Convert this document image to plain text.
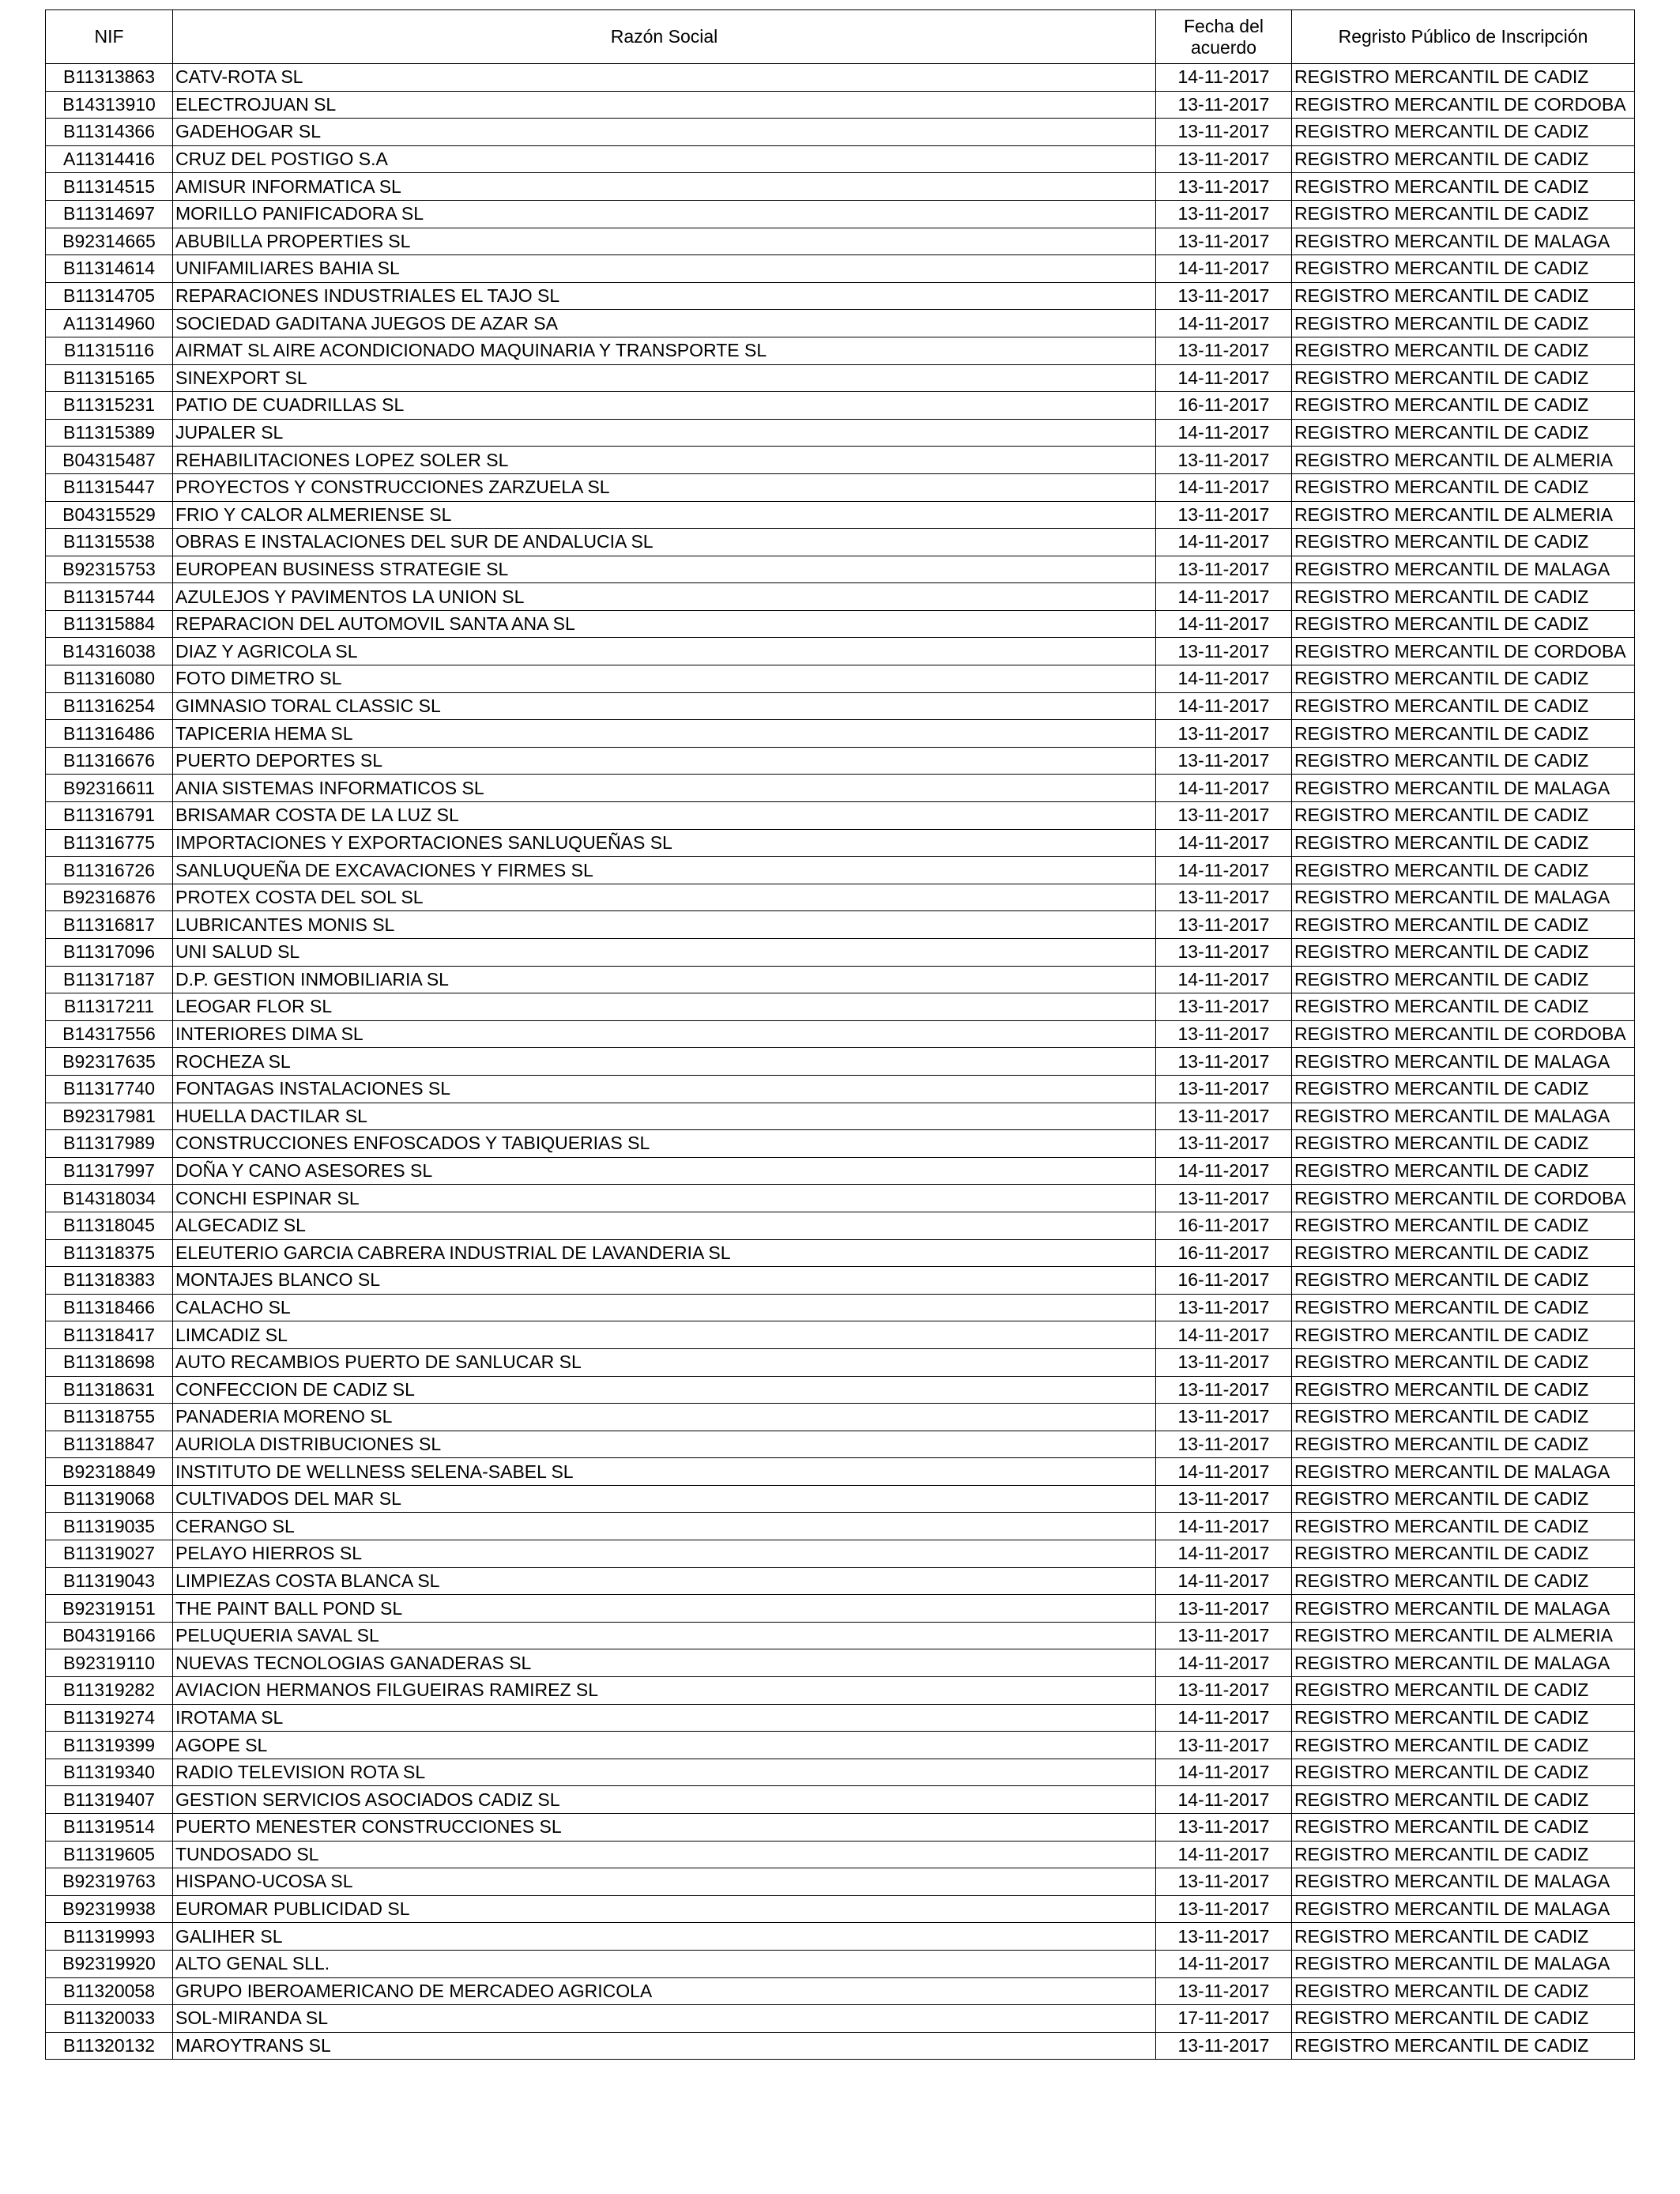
NIF	Razón Social	Fecha del acuerdo	Regristo Público de Inscripción
B11313863	CATV-ROTA SL	14-11-2017	REGISTRO MERCANTIL DE CADIZ
B14313910	ELECTROJUAN SL	13-11-2017	REGISTRO MERCANTIL DE CORDOBA
B11314366	GADEHOGAR SL	13-11-2017	REGISTRO MERCANTIL DE CADIZ
A11314416	CRUZ DEL POSTIGO S.A	13-11-2017	REGISTRO MERCANTIL DE CADIZ
B11314515	AMISUR INFORMATICA SL	13-11-2017	REGISTRO MERCANTIL DE CADIZ
B11314697	MORILLO PANIFICADORA SL	13-11-2017	REGISTRO MERCANTIL DE CADIZ
B92314665	ABUBILLA PROPERTIES SL	13-11-2017	REGISTRO MERCANTIL DE MALAGA
B11314614	UNIFAMILIARES BAHIA SL	14-11-2017	REGISTRO MERCANTIL DE CADIZ
B11314705	REPARACIONES INDUSTRIALES EL TAJO SL	13-11-2017	REGISTRO MERCANTIL DE CADIZ
A11314960	SOCIEDAD GADITANA JUEGOS DE AZAR SA	14-11-2017	REGISTRO MERCANTIL DE CADIZ
B11315116	AIRMAT SL AIRE ACONDICIONADO MAQUINARIA Y TRANSPORTE SL	13-11-2017	REGISTRO MERCANTIL DE CADIZ
B11315165	SINEXPORT SL	14-11-2017	REGISTRO MERCANTIL DE CADIZ
B11315231	PATIO DE CUADRILLAS SL	16-11-2017	REGISTRO MERCANTIL DE CADIZ
B11315389	JUPALER SL	14-11-2017	REGISTRO MERCANTIL DE CADIZ
B04315487	REHABILITACIONES LOPEZ SOLER SL	13-11-2017	REGISTRO MERCANTIL DE ALMERIA
B11315447	PROYECTOS Y CONSTRUCCIONES ZARZUELA SL	14-11-2017	REGISTRO MERCANTIL DE CADIZ
B04315529	FRIO Y CALOR ALMERIENSE SL	13-11-2017	REGISTRO MERCANTIL DE ALMERIA
B11315538	OBRAS E INSTALACIONES DEL SUR DE ANDALUCIA SL	14-11-2017	REGISTRO MERCANTIL DE CADIZ
B92315753	EUROPEAN BUSINESS STRATEGIE SL	13-11-2017	REGISTRO MERCANTIL DE MALAGA
B11315744	AZULEJOS Y PAVIMENTOS LA UNION SL	14-11-2017	REGISTRO MERCANTIL DE CADIZ
B11315884	REPARACION DEL AUTOMOVIL SANTA ANA SL	14-11-2017	REGISTRO MERCANTIL DE CADIZ
B14316038	DIAZ Y AGRICOLA SL	13-11-2017	REGISTRO MERCANTIL DE CORDOBA
B11316080	FOTO DIMETRO SL	14-11-2017	REGISTRO MERCANTIL DE CADIZ
B11316254	GIMNASIO TORAL CLASSIC SL	14-11-2017	REGISTRO MERCANTIL DE CADIZ
B11316486	TAPICERIA HEMA SL	13-11-2017	REGISTRO MERCANTIL DE CADIZ
B11316676	PUERTO DEPORTES SL	13-11-2017	REGISTRO MERCANTIL DE CADIZ
B92316611	ANIA SISTEMAS INFORMATICOS SL	14-11-2017	REGISTRO MERCANTIL DE MALAGA
B11316791	BRISAMAR COSTA DE LA LUZ SL	13-11-2017	REGISTRO MERCANTIL DE CADIZ
B11316775	IMPORTACIONES Y EXPORTACIONES SANLUQUEÑAS SL	14-11-2017	REGISTRO MERCANTIL DE CADIZ
B11316726	SANLUQUEÑA DE EXCAVACIONES Y FIRMES SL	14-11-2017	REGISTRO MERCANTIL DE CADIZ
B92316876	PROTEX COSTA DEL SOL SL	13-11-2017	REGISTRO MERCANTIL DE MALAGA
B11316817	LUBRICANTES MONIS SL	13-11-2017	REGISTRO MERCANTIL DE CADIZ
B11317096	UNI SALUD SL	13-11-2017	REGISTRO MERCANTIL DE CADIZ
B11317187	D.P. GESTION INMOBILIARIA SL	14-11-2017	REGISTRO MERCANTIL DE CADIZ
B11317211	LEOGAR FLOR SL	13-11-2017	REGISTRO MERCANTIL DE CADIZ
B14317556	INTERIORES DIMA SL	13-11-2017	REGISTRO MERCANTIL DE CORDOBA
B92317635	ROCHEZA SL	13-11-2017	REGISTRO MERCANTIL DE MALAGA
B11317740	FONTAGAS INSTALACIONES SL	13-11-2017	REGISTRO MERCANTIL DE CADIZ
B92317981	HUELLA DACTILAR SL	13-11-2017	REGISTRO MERCANTIL DE MALAGA
B11317989	CONSTRUCCIONES ENFOSCADOS Y TABIQUERIAS SL	13-11-2017	REGISTRO MERCANTIL DE CADIZ
B11317997	DOÑA Y CANO ASESORES SL	14-11-2017	REGISTRO MERCANTIL DE CADIZ
B14318034	CONCHI ESPINAR SL	13-11-2017	REGISTRO MERCANTIL DE CORDOBA
B11318045	ALGECADIZ SL	16-11-2017	REGISTRO MERCANTIL DE CADIZ
B11318375	ELEUTERIO GARCIA CABRERA INDUSTRIAL DE LAVANDERIA SL	16-11-2017	REGISTRO MERCANTIL DE CADIZ
B11318383	MONTAJES BLANCO SL	16-11-2017	REGISTRO MERCANTIL DE CADIZ
B11318466	CALACHO SL	13-11-2017	REGISTRO MERCANTIL DE CADIZ
B11318417	LIMCADIZ SL	14-11-2017	REGISTRO MERCANTIL DE CADIZ
B11318698	AUTO RECAMBIOS PUERTO DE SANLUCAR SL	13-11-2017	REGISTRO MERCANTIL DE CADIZ
B11318631	CONFECCION DE CADIZ SL	13-11-2017	REGISTRO MERCANTIL DE CADIZ
B11318755	PANADERIA MORENO SL	13-11-2017	REGISTRO MERCANTIL DE CADIZ
B11318847	AURIOLA DISTRIBUCIONES SL	13-11-2017	REGISTRO MERCANTIL DE CADIZ
B92318849	INSTITUTO DE WELLNESS SELENA-SABEL SL	14-11-2017	REGISTRO MERCANTIL DE MALAGA
B11319068	CULTIVADOS DEL MAR SL	13-11-2017	REGISTRO MERCANTIL DE CADIZ
B11319035	CERANGO SL	14-11-2017	REGISTRO MERCANTIL DE CADIZ
B11319027	PELAYO HIERROS SL	14-11-2017	REGISTRO MERCANTIL DE CADIZ
B11319043	LIMPIEZAS COSTA BLANCA SL	14-11-2017	REGISTRO MERCANTIL DE CADIZ
B92319151	THE PAINT BALL POND SL	13-11-2017	REGISTRO MERCANTIL DE MALAGA
B04319166	PELUQUERIA SAVAL SL	13-11-2017	REGISTRO MERCANTIL DE ALMERIA
B92319110	NUEVAS TECNOLOGIAS GANADERAS SL	14-11-2017	REGISTRO MERCANTIL DE MALAGA
B11319282	AVIACION HERMANOS FILGUEIRAS RAMIREZ SL	13-11-2017	REGISTRO MERCANTIL DE CADIZ
B11319274	IROTAMA SL	14-11-2017	REGISTRO MERCANTIL DE CADIZ
B11319399	AGOPE SL	13-11-2017	REGISTRO MERCANTIL DE CADIZ
B11319340	RADIO TELEVISION ROTA SL	14-11-2017	REGISTRO MERCANTIL DE CADIZ
B11319407	GESTION SERVICIOS ASOCIADOS CADIZ SL	14-11-2017	REGISTRO MERCANTIL DE CADIZ
B11319514	PUERTO MENESTER CONSTRUCCIONES SL	13-11-2017	REGISTRO MERCANTIL DE CADIZ
B11319605	TUNDOSADO SL	14-11-2017	REGISTRO MERCANTIL DE CADIZ
B92319763	HISPANO-UCOSA SL	13-11-2017	REGISTRO MERCANTIL DE MALAGA
B92319938	EUROMAR PUBLICIDAD SL	13-11-2017	REGISTRO MERCANTIL DE MALAGA
B11319993	GALIHER SL	13-11-2017	REGISTRO MERCANTIL DE CADIZ
B92319920	ALTO GENAL SLL.	14-11-2017	REGISTRO MERCANTIL DE MALAGA
B11320058	GRUPO IBEROAMERICANO DE MERCADEO AGRICOLA	13-11-2017	REGISTRO MERCANTIL DE CADIZ
B11320033	SOL-MIRANDA SL	17-11-2017	REGISTRO MERCANTIL DE CADIZ
B11320132	MAROYTRANS SL	13-11-2017	REGISTRO MERCANTIL DE CADIZ
